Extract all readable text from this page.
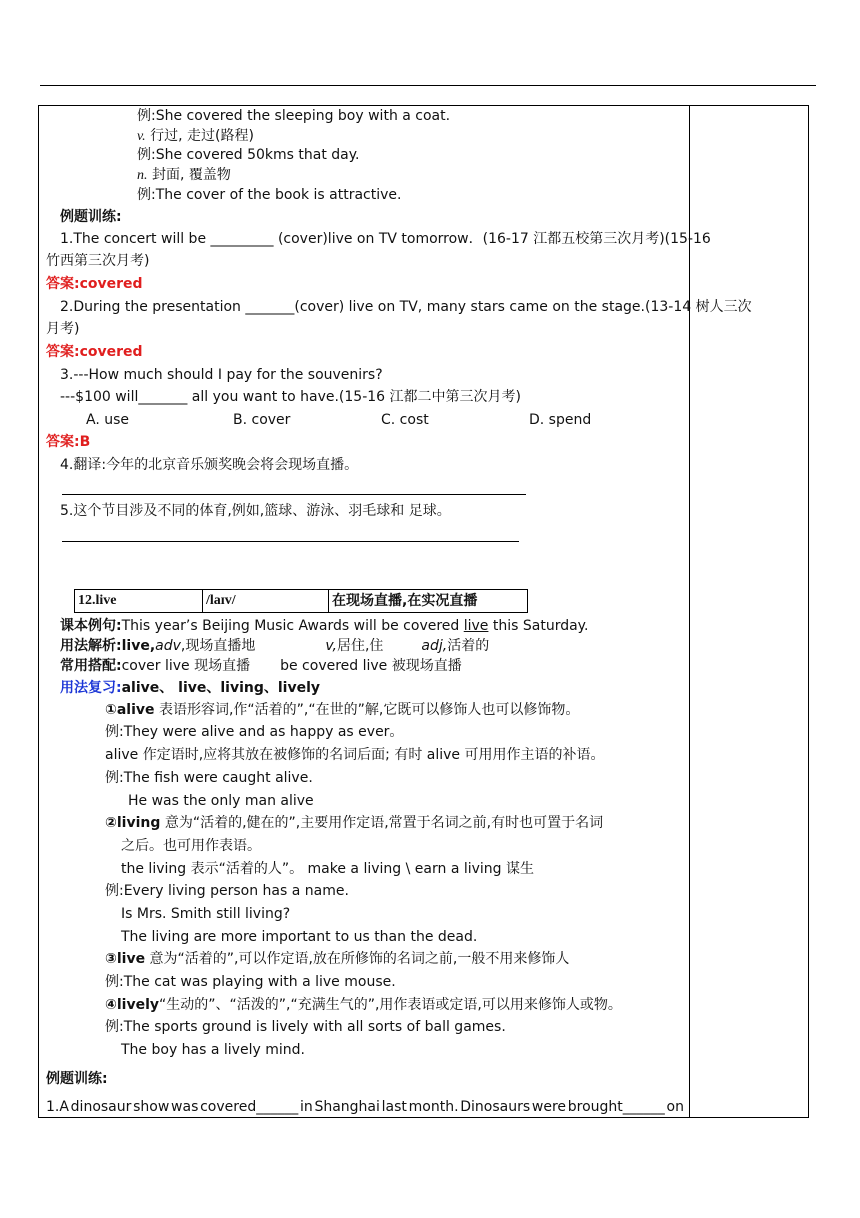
例:She covered the sleeping boy with a coat.
v. 行过, 走过(路程)
例:She covered 50kms that day.
n. 封面, 覆盖物
例:The cover of the book is attractive.
例题训练:
1.The concert will be _________ (cover)live on TV tomorrow．(16-17 江都五校第三次月考)(15-16
竹西第三次月考)
答案:covered
2.During the presentation _______(cover) live on TV, many stars came on the stage.(13-14 树人三次
月考)
答案:covered
3.---How much should I pay for the souvenirs?
---$100 will_______ all you want to have.(15-16 江都二中第三次月考)
A. use	B. cover	C. cost	D. spend
答案:B
4.翻译:今年的北京音乐颁奖晚会将会现场直播。
5.这个节目涉及不同的体育,例如,篮球、游泳、羽毛球和 足球。
12.live	/laɪv/	在现场直播,在实况直播
课本例句:This year’s Beijing Music Awards will be covered live this Saturday.
用法解析:live,adv,现场直播地	v,居住,住	adj,活着的
常用搭配:cover live 现场直播 be covered live 被现场直播
用法复习:alive、 live、living、lively
①alive 表语形容词,作“活着的”,“在世的”解,它既可以修饰人也可以修饰物。
例:They were alive and as happy as ever。
alive 作定语时,应将其放在被修饰的名词后面; 有时 alive 可用用作主语的补语。
例:The fish were caught alive.
He was the only man alive
②living 意为“活着的,健在的”,主要用作定语,常置于名词之前,有时也可置于名词
之后。也可用作表语。
the living 表示“活着的人”。 make a living \ earn a living 谋生
例:Every living person has a name.
Is Mrs. Smith still living?
The living are more important to us than the dead.
③live 意为“活着的”,可以作定语,放在所修饰的名词之前,一般不用来修饰人
例:The cat was playing with a live mouse.
④lively“生动的”、“活泼的”,“充满生气的”,用作表语或定语,可以用来修饰人或物。
例:The sports ground is lively with all sorts of ball games.
The boy has a lively mind.
例题训练:
1.A dinosaur show was covered______ in Shanghai last month. Dinosaurs were brought______ on
